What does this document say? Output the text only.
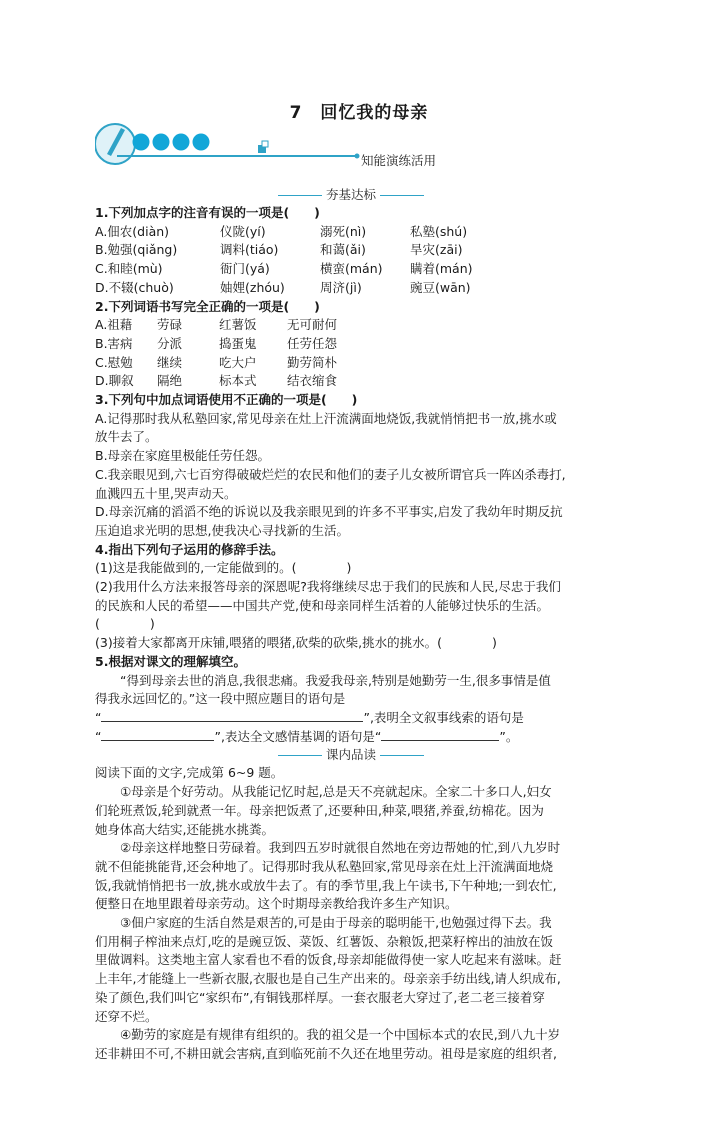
7　回忆我的母亲
知能演练活用
夯基达标
1.下列加点字的注音有误的一项是(　　)
A.佃农(diàn)	仪陇(yí)	溺死(nì)	私塾(shú)
B.勉强(qiǎng)	调料(tiáo)	和蔼(ǎi)	旱灾(zāi)
C.和睦(mù)	衙门(yá)	横蛮(mán)	瞒着(mán)
D.不辍(chuò)	妯娌(zhóu)	周济(jì)	豌豆(wān)
2.下列词语书写完全正确的一项是(　　)
A.祖藉	劳碌	红薯饭	无可耐何
B.害病	分派	捣蛋鬼	任劳任怨
C.慰勉	继续	吃大户	勤劳简朴
D.聊叙	隔绝	标本式	结衣缩食
3.下列句中加点词语使用不正确的一项是(　　)
A.记得那时我从私塾回家,常见母亲在灶上汗流满面地烧饭,我就悄悄把书一放,挑水或
放牛去了。
B.母亲在家庭里极能任劳任怨。
C.我亲眼见到,六七百穷得破破烂烂的农民和他们的妻子儿女被所谓官兵一阵凶杀毒打,
血溅四五十里,哭声动天。
D.母亲沉痛的滔滔不绝的诉说以及我亲眼见到的许多不平事实,启发了我幼年时期反抗
压迫追求光明的思想,使我决心寻找新的生活。
4.指出下列句子运用的修辞手法。
(1)这是我能做到的,一定能做到的。(　　　　)
(2)我用什么方法来报答母亲的深恩呢?我将继续尽忠于我们的民族和人民,尽忠于我们
的民族和人民的希望——中国共产党,使和母亲同样生活着的人能够过快乐的生活。
(　　　　)
(3)接着大家都离开床铺,喂猪的喂猪,砍柴的砍柴,挑水的挑水。(　　　　)
5.根据对课文的理解填空。
“得到母亲去世的消息,我很悲痛。我爱我母亲,特别是她勤劳一生,很多事情是值
得我永远回忆的。”这一段中照应题目的语句是
“	”,表明全文叙事线索的语句是
“	”,表达全文感情基调的语句是“	”。
课内品读
阅读下面的文字,完成第 6~9 题。
①母亲是个好劳动。从我能记忆时起,总是天不亮就起床。全家二十多口人,妇女
们轮班煮饭,轮到就煮一年。母亲把饭煮了,还要种田,种菜,喂猪,养蚕,纺棉花。因为
她身体高大结实,还能挑水挑粪。
②母亲这样地整日劳碌着。我到四五岁时就很自然地在旁边帮她的忙,到八九岁时
就不但能挑能背,还会种地了。记得那时我从私塾回家,常见母亲在灶上汗流满面地烧
饭,我就悄悄把书一放,挑水或放牛去了。有的季节里,我上午读书,下午种地;一到农忙,
便整日在地里跟着母亲劳动。这个时期母亲教给我许多生产知识。
③佃户家庭的生活自然是艰苦的,可是由于母亲的聪明能干,也勉强过得下去。我
们用桐子榨油来点灯,吃的是豌豆饭、菜饭、红薯饭、杂粮饭,把菜籽榨出的油放在饭
里做调料。这类地主富人家看也不看的饭食,母亲却能做得使一家人吃起来有滋味。赶
上丰年,才能缝上一些新衣服,衣服也是自己生产出来的。母亲亲手纺出线,请人织成布,
染了颜色,我们叫它“家织布”,有铜钱那样厚。一套衣服老大穿过了,老二老三接着穿
还穿不烂。
④勤劳的家庭是有规律有组织的。我的祖父是一个中国标本式的农民,到八九十岁
还非耕田不可,不耕田就会害病,直到临死前不久还在地里劳动。祖母是家庭的组织者,
